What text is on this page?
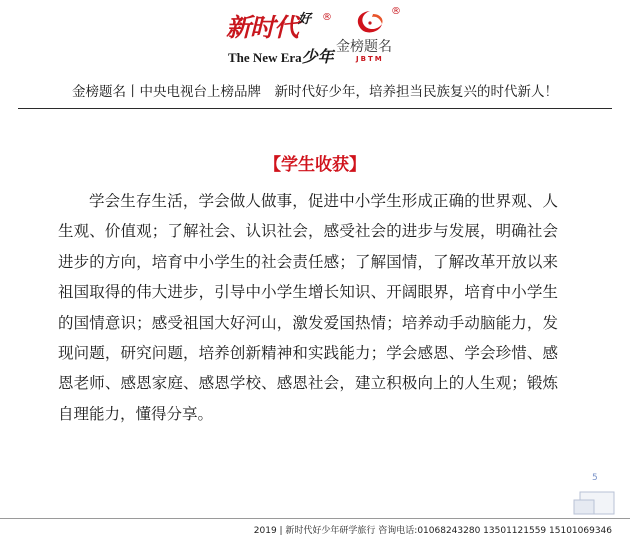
新时代$^好$
The New Era少年
®
®
金榜题名
JBTM
金榜题名丨中央电视台上榜品牌　新时代好少年，培养担当民族复兴的时代新人！
【学生收获】

学会生存生活，学会做人做事，促进中小学生形成正确的世界观、人生观、价值观；了解社会、认识社会，感受社会的进步与发展，明确社会进步的方向，培育中小学生的社会责任感；了解国情，了解改革开放以来祖国取得的伟大进步，引导中小学生增长知识、开阔眼界，培育中小学生的国情意识；感受祖国大好河山，激发爱国热情；培养动手动脑能力，发现问题，研究问题，培养创新精神和实践能力；学会感恩、学会珍惜、感恩老师、感恩家庭、感恩学校、感恩社会，建立积极向上的人生观；锻炼自理能力，懂得分享。

5
2019 | 新时代好少年研学旅行 咨询电话:01068243280 13501121559 15101069346
